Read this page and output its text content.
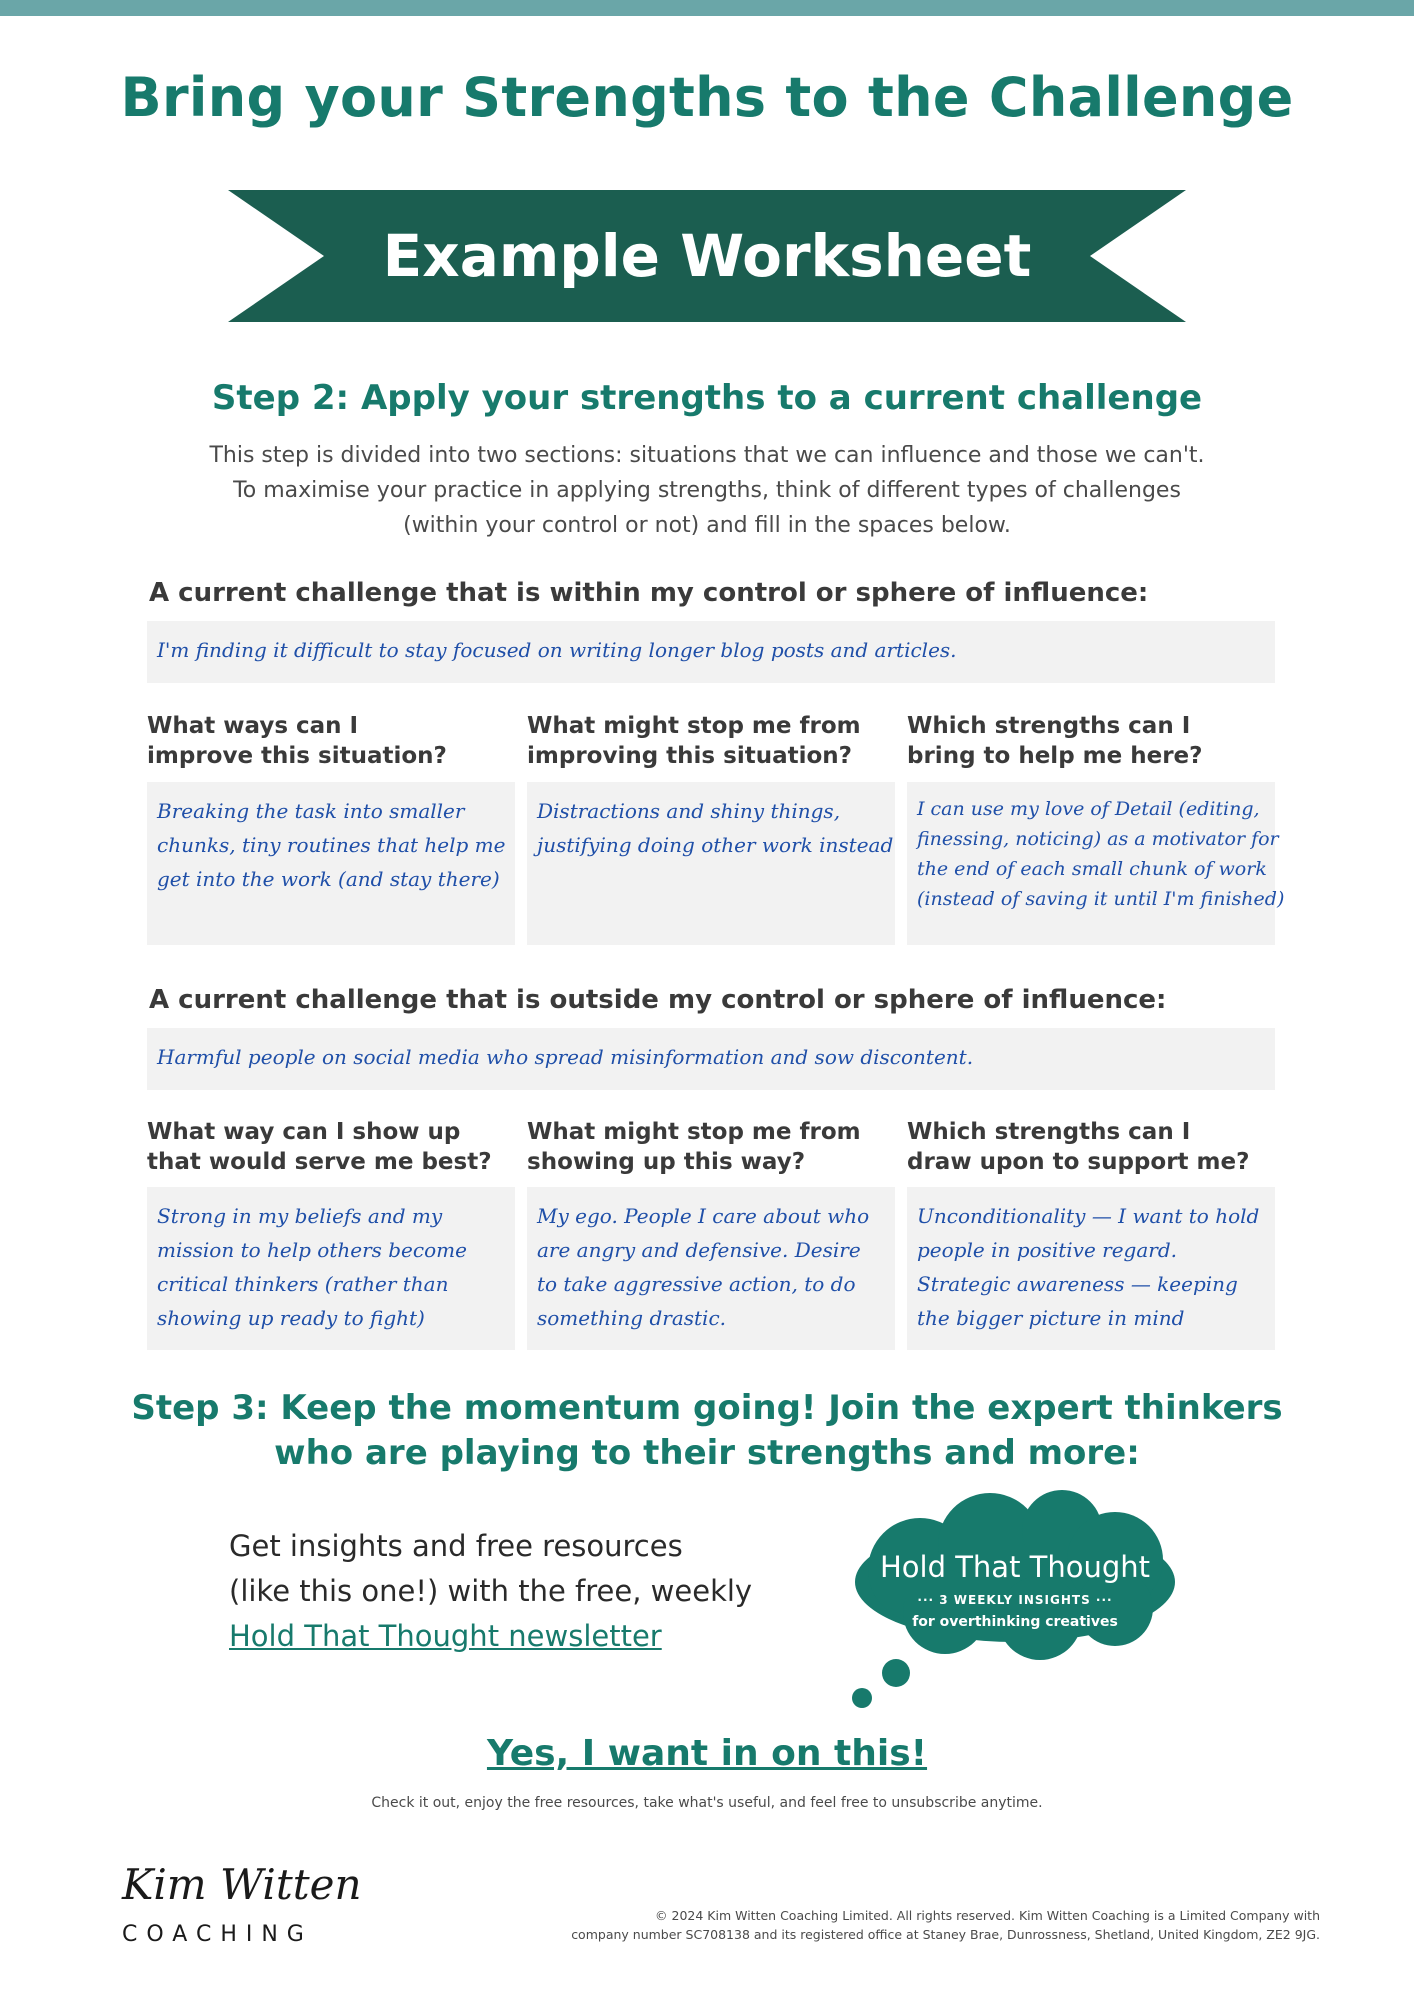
Bring your Strengths to the Challenge
Example Worksheet
Step 2: Apply your strengths to a current challenge
This step is divided into two sections: situations that we can influence and those we can't.
To maximise your practice in applying strengths, think of different types of challenges
(within your control or not) and fill in the spaces below.
A current challenge that is within my control or sphere of influence:
I'm finding it difficult to stay focused on writing longer blog posts and articles.
What ways can I
improve this situation?
What might stop me from
improving this situation?
Which strengths can I
bring to help me here?
Breaking the task into smaller
chunks, tiny routines that help me
get into the work (and stay there)
Distractions and shiny things,
justifying doing other work instead
I can use my love of Detail (editing,
finessing, noticing) as a motivator for
the end of each small chunk of work
(instead of saving it until I'm finished)
A current challenge that is outside my control or sphere of influence:
Harmful people on social media who spread misinformation and sow discontent.
What way can I show up
that would serve me best?
What might stop me from
showing up this way?
Which strengths can I
draw upon to support me?
Strong in my beliefs and my
mission to help others become
critical thinkers (rather than
showing up ready to fight)
My ego. People I care about who
are angry and defensive. Desire
to take aggressive action, to do
something drastic.
Unconditionality — I want to hold
people in positive regard.
Strategic awareness — keeping
the bigger picture in mind
Step 3: Keep the momentum going! Join the expert thinkers
who are playing to their strengths and more:
Get insights and free resources
(like this one!) with the free, weekly
Hold That Thought newsletter
Hold That Thought
··· 3 WEEKLY INSIGHTS ···
for overthinking creatives
Yes, I want in on this!
Check it out, enjoy the free resources, take what's useful, and feel free to unsubscribe anytime.
Kim Witten
COACHING
© 2024 Kim Witten Coaching Limited. All rights reserved. Kim Witten Coaching is a Limited Company with
company number SC708138 and its registered office at Staney Brae, Dunrossness, Shetland, United Kingdom, ZE2 9JG.
